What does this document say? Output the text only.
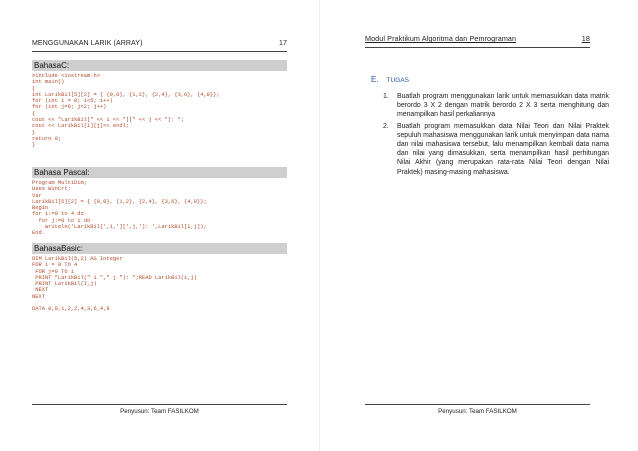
MENGGUNAKAN LARIK (ARRAY)	17
BahasaC:
#include <iostream.h>
int main()
{
int LarikBil[5][2] = { {0,0}, {1,2}, {2,4}, {3,6}, {4,8}};
for (int i = 0; i<5; i++)
for (int j=0; j<2; j++)
{
cout << "LarikBil[" << i << "][" << j << "]: ";
cout << LarikBil[i][j]<< endl;
}
return 0;
}
Bahasa Pascal:
Program MultiDim;
Uses WinCrt;
Var
LarikBil[5][2] = { {0,0}, {1,2}, {2,4}, {3,6}, {4,8}};
Begin
for i:=0 to 4 do
for j:=0 to 1 do
writeln('LarikBil[',i,'][',j,']: ',LarikBil[i,j]);
End.
BahasaBasic:
DIM LarikBil(5,2) AS Integer
FOR i = 0 TO 4
FOR j=0 TO 1
PRINT "LarikBil(" i "," j "): ";READ LarikBil(i,j)
PRINT LarikBil(I,j)
NEXT
NEXT

DATA 0,0,1,2,2,4,3,6,4,8
Penyusun: Team FASILKOM
Modul Praktikum Algoritma dan Pemrograman	18
E. TUGAS
1. Buatlah program menggunakan larik untuk memasukkan data matrik berordo 3 X 2 dengan matrik berordo 2 X 3 serta menghitung dan menampilkan hasil perkaliannya
2. Buatlah program memasukkan data Nilai Teori dan Nilai Praktek sepuluh mahasiswa menggunakan larik untuk menyimpan data nama dan nilai mahasiswa tersebut, lalu menampilkan kembali data nama dan nilai yang dimasukkan, serta menampilkan hasil perhitungan Nilai Akhir (yang merupakan rata-rata Nilai Teori dengan Nilai Praktek) masing-masing mahasiswa.
Penyusun: Team FASILKOM
